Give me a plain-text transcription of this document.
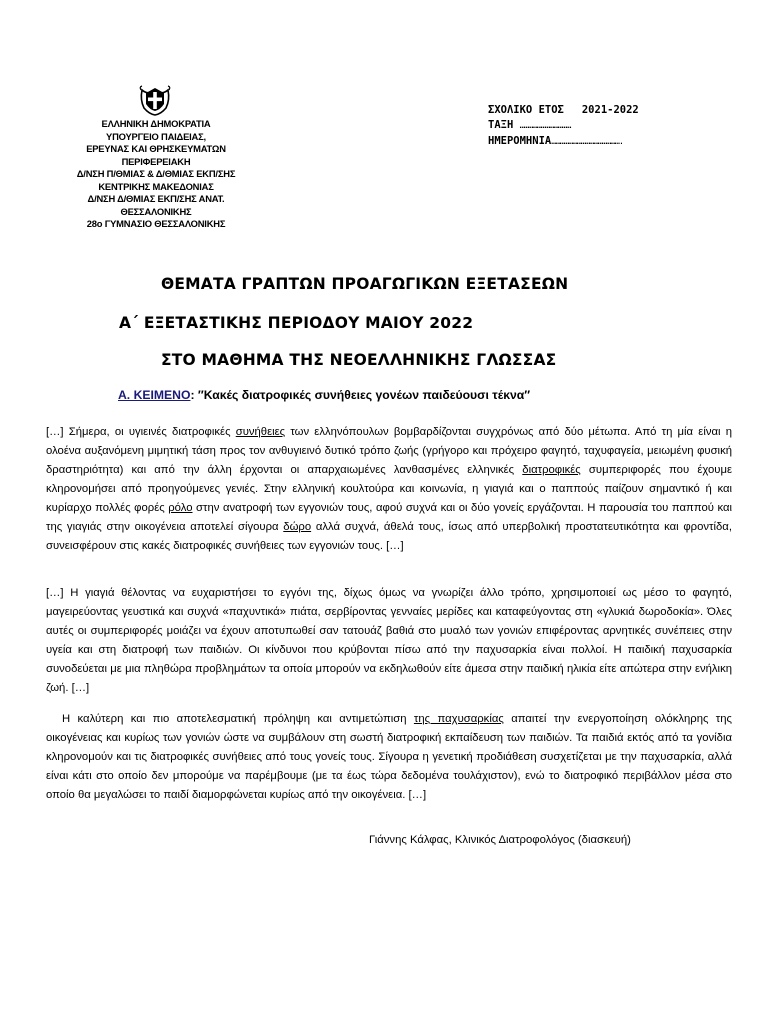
ΕΛΛΗΝΙΚΗ ΔΗΜΟΚΡΑΤΙΑ
ΥΠΟΥΡΓΕΙΟ ΠΑΙΔΕΙΑΣ,
ΕΡΕΥΝΑΣ ΚΑΙ ΘΡΗΣΚΕΥΜΑΤΩΝ
ΠΕΡΙΦΕΡΕΙΑΚΗ
Δ/ΝΣΗ Π/ΘΜΙΑΣ & Δ/ΘΜΙΑΣ ΕΚΠ/ΣΗΣ
ΚΕΝΤΡΙΚΗΣ ΜΑΚΕΔΟΝΙΑΣ
Δ/ΝΣΗ Δ/ΘΜΙΑΣ ΕΚΠ/ΣΗΣ ΑΝΑΤ.
ΘΕΣΣΑΛΟΝΙΚΗΣ
28ο ΓΥΜΝΑΣΙΟ ΘΕΣΣΑΛΟΝΙΚΗΣ
ΣΧΟΛΙΚΟ ΕΤΟΣ 2021-2022
ΤΑΞΗ ………………………………
ΗΜΕΡΟΜΗΝΙΑ………………………………………….
ΘΕΜΑΤΑ ΓΡΑΠΤΩΝ ΠΡΟΑΓΩΓΙΚΩΝ ΕΞΕΤΑΣΕΩΝ
Α΄ ΕΞΕΤΑΣΤΙΚΗΣ ΠΕΡΙΟΔΟΥ ΜΑΙΟΥ 2022
ΣΤΟ ΜΑΘΗΜΑ ΤΗΣ ΝΕΟΕΛΛΗΝΙΚΗΣ ΓΛΩΣΣΑΣ
Α. ΚΕΙΜΕΝΟ: ″Κακές διατροφικές συνήθειες γονέων παιδεύουσι τέκνα″
[…] Σήμερα, οι υγιεινές διατροφικές συνήθειες των ελληνόπουλων βομβαρδίζονται συγχρόνως από δύο μέτωπα. Από τη μία είναι η ολοένα αυξανόμενη μιμητική τάση προς τον ανθυγιεινό δυτικό τρόπο ζωής (γρήγορο και πρόχειρο φαγητό, ταχυφαγεία, μειωμένη φυσική δραστηριότητα) και από την άλλη έρχονται οι απαρχαιωμένες λανθασμένες ελληνικές διατροφικές συμπεριφορές που έχουμε κληρονομήσει από προηγούμενες γενιές. Στην ελληνική κουλτούρα και κοινωνία, η γιαγιά και ο παππούς παίζουν σημαντικό ή και κυρίαρχο πολλές φορές ρόλο στην ανατροφή των εγγονιών τους, αφού συχνά και οι δύο γονείς εργάζονται. Η παρουσία του παππού και της γιαγιάς στην οικογένεια αποτελεί σίγουρα δώρο αλλά συχνά, άθελά τους, ίσως από υπερβολική προστατευτικότητα και φροντίδα, συνεισφέρουν στις κακές διατροφικές συνήθειες των εγγονιών τους. […]
[…] Η γιαγιά θέλοντας να ευχαριστήσει το εγγόνι της, δίχως όμως να γνωρίζει άλλο τρόπο, χρησιμοποιεί ως μέσο το φαγητό, μαγειρεύοντας γευστικά και συχνά «παχυντικά» πιάτα, σερβίροντας γενναίες μερίδες και καταφεύγοντας στη «γλυκιά δωροδοκία». Όλες αυτές οι συμπεριφορές μοιάζει να έχουν αποτυπωθεί σαν τατουάζ βαθιά στο μυαλό των γονιών επιφέροντας αρνητικές συνέπειες στην υγεία και στη διατροφή των παιδιών. Οι κίνδυνοι που κρύβονται πίσω από την παχυσαρκία είναι πολλοί. Η παιδική παχυσαρκία συνοδεύεται με μια πληθώρα προβλημάτων τα οποία μπορούν να εκδηλωθούν είτε άμεσα στην παιδική ηλικία είτε απώτερα στην ενήλικη ζωή. […]
Η καλύτερη και πιο αποτελεσματική πρόληψη και αντιμετώπιση της παχυσαρκίας απαιτεί την ενεργοποίηση ολόκληρης της οικογένειας και κυρίως των γονιών ώστε να συμβάλουν στη σωστή διατροφική εκπαίδευση των παιδιών. Τα παιδιά εκτός από τα γονίδια κληρονομούν και τις διατροφικές συνήθειες από τους γονείς τους. Σίγουρα η γενετική προδιάθεση συσχετίζεται με την παχυσαρκία, αλλά είναι κάτι στο οποίο δεν μπορούμε να παρέμβουμε (με τα έως τώρα δεδομένα τουλάχιστον), ενώ το διατροφικό περιβάλλον μέσα στο οποίο θα μεγαλώσει το παιδί διαμορφώνεται κυρίως από την οικογένεια. […]
Γιάννης Κάλφας, Κλινικός Διατροφολόγος (διασκευή)
